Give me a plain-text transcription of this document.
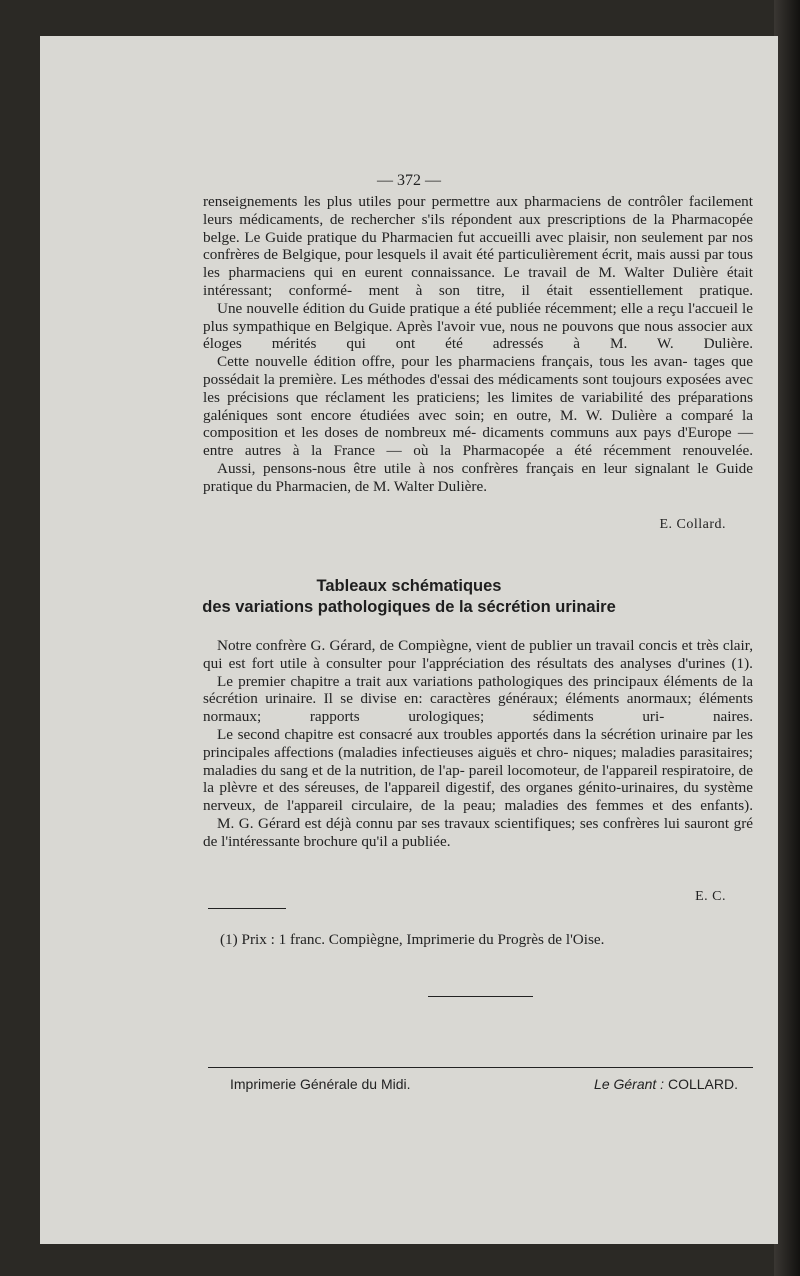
— 372 —

renseignements les plus utiles pour permettre aux pharmaciens de contrôler facilement leurs médicaments, de rechercher s'ils répondent aux prescriptions de la Pharmacopée belge. Le Guide pratique du Pharmacien fut accueilli avec plaisir, non seulement par nos confrères de Belgique, pour lesquels il avait été particulièrement écrit, mais aussi par tous les pharmaciens qui en eurent connaissance. Le travail de M. Walter Dulière était intéressant; conformé- ment à son titre, il était essentiellement pratique.

Une nouvelle édition du Guide pratique a été publiée récemment; elle a reçu l'accueil le plus sympathique en Belgique. Après l'avoir vue, nous ne pouvons que nous associer aux éloges mérités qui ont été adressés à M. W. Dulière.

Cette nouvelle édition offre, pour les pharmaciens français, tous les avan- tages que possédait la première. Les méthodes d'essai des médicaments sont toujours exposées avec les précisions que réclament les praticiens; les limites de variabilité des préparations galéniques sont encore étudiées avec soin; en outre, M. W. Dulière a comparé la composition et les doses de nombreux mé- dicaments communs aux pays d'Europe — entre autres à la France — où la Pharmacopée a été récemment renouvelée.

Aussi, pensons-nous être utile à nos confrères français en leur signalant le Guide pratique du Pharmacien, de M. Walter Dulière.

E. Collard.
Tableaux schématiques
des variations pathologiques de la sécrétion urinaire

Notre confrère G. Gérard, de Compiègne, vient de publier un travail concis et très clair, qui est fort utile à consulter pour l'appréciation des résultats des analyses d'urines (1).

Le premier chapitre a trait aux variations pathologiques des principaux éléments de la sécrétion urinaire. Il se divise en: caractères généraux; éléments anormaux; éléments normaux; rapports urologiques; sédiments uri-	naires.

Le second chapitre est consacré aux troubles apportés dans la sécrétion urinaire par les principales affections (maladies infectieuses aiguës et chro- niques; maladies parasitaires; maladies du sang et de la nutrition, de l'ap- pareil locomoteur, de l'appareil respiratoire, de la plèvre et des séreuses, de l'appareil digestif, des organes génito-urinaires, du système nerveux, de l'appareil circulaire, de la peau; maladies des femmes et des enfants).

M. G. Gérard est déjà connu par ses travaux scientifiques; ses confrères lui sauront gré de l'intéressante brochure qu'il a publiée.

E. C.
(1) Prix : 1 franc. Compiègne, Imprimerie du Progrès de l'Oise.
Imprimerie Générale du Midi.	Le Gérant : COLLARD.
